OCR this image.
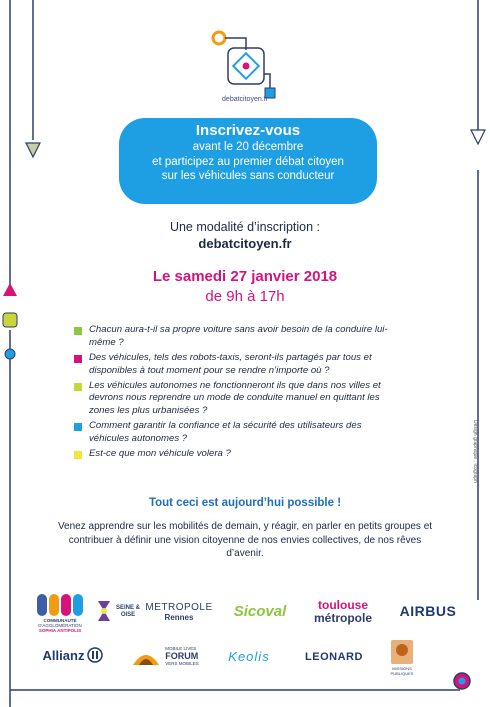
debatcitoyen.fr
Inscrivez-vous
avant le 20 décembre
et participez au premier débat citoyen
sur les véhicules sans conducteur
Une modalité d’inscription :
debatcitoyen.fr
Le samedi 27 janvier 2018
de 9h à 17h
Chacun aura-t-il sa propre voiture sans avoir besoin de la conduire lui-même ?
Des véhicules, tels des robots-taxis, seront-ils partagés par tous et disponibles à tout moment pour se rendre n’importe où ?
Les véhicules autonomes ne fonctionneront ils que dans nos villes et devrons nous reprendre un mode de conduite manuel en quittant les zones les plus urbanisées ?
Comment garantir la confiance et la sécurité des utilisateurs des véhicules autonomes ?
Est-ce que mon véhicule volera ?
Tout ceci est aujourd’hui possible !
Venez apprendre sur les mobilités de demain, y réagir, en parler en petits groupes et contribuer à définir une vision citoyenne de nos envies collectives, de nos rêves d’avenir.
Design graphique : Icograph
COMMUNAUTÉ
D'AGGLOMÉRATION
SOPHIA ANTIPOLIS
SEINE & OISE
METROPOLE
Rennes	Sicoval	toulouse
métropole AIRBUS
Allianz	MOBILE LIVES
FORUM
VERS MOBILES Keolis	LEONARD
MISSIONS
PUBLIQUES
